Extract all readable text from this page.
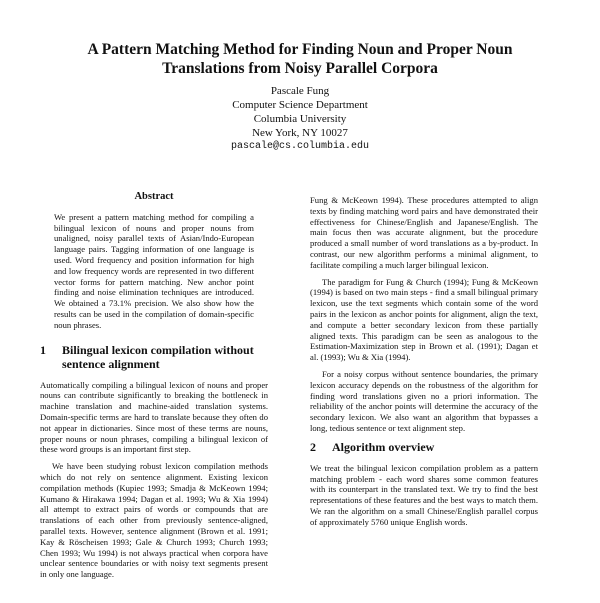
A Pattern Matching Method for Finding Noun and Proper Noun
Translations from Noisy Parallel Corpora
Pascale Fung
Computer Science Department
Columbia University
New York, NY 10027
pascale@cs.columbia.edu
Abstract
We present a pattern matching method for compiling a bilingual lexicon of nouns and proper nouns from unaligned, noisy parallel texts of Asian/Indo-European language pairs. Tagging information of one language is used. Word frequency and position information for high and low frequency words are represented in two different vector forms for pattern matching. New anchor point finding and noise elimination techniques are introduced. We obtained a 73.1% precision. We also show how the results can be used in the compilation of domain-specific noun phrases.
1	Bilingual lexicon compilation without sentence alignment

Automatically compiling a bilingual lexicon of nouns and proper nouns can contribute significantly to breaking the bottleneck in machine translation and machine-aided translation systems. Domain-specific terms are hard to translate because they often do not appear in dictionaries. Since most of these terms are nouns, proper nouns or noun phrases, compiling a bilingual lexicon of these word groups is an important first step.

We have been studying robust lexicon compilation methods which do not rely on sentence alignment. Existing lexicon compilation methods (Kupiec 1993; Smadja & McKeown 1994; Kumano & Hirakawa 1994; Dagan et al. 1993; Wu & Xia 1994) all attempt to extract pairs of words or compounds that are translations of each other from previously sentence-aligned, parallel texts. However, sentence alignment (Brown et al. 1991; Kay & Röscheisen 1993; Gale & Church 1993; Church 1993; Chen 1993; Wu 1994) is not always practical when corpora have unclear sentence boundaries or with noisy text segments present in only one language.

Fung & McKeown 1994). These procedures attempted to align texts by finding matching word pairs and have demonstrated their effectiveness for Chinese/English and Japanese/English. The main focus then was accurate alignment, but the procedure produced a small number of word translations as a by-product. In contrast, our new algorithm performs a minimal alignment, to facilitate compiling a much larger bilingual lexicon.

The paradigm for Fung & Church (1994); Fung & McKeown (1994) is based on two main steps - find a small bilingual primary lexicon, use the text segments which contain some of the word pairs in the lexicon as anchor points for alignment, align the text, and compute a better secondary lexicon from these partially aligned texts. This paradigm can be seen as analogous to the Estimation-Maximization step in Brown et al. (1991); Dagan et al. (1993); Wu & Xia (1994).

For a noisy corpus without sentence boundaries, the primary lexicon accuracy depends on the robustness of the algorithm for finding word translations given no a priori information. The reliability of the anchor points will determine the accuracy of the secondary lexicon. We also want an algorithm that bypasses a long, tedious sentence or text alignment step.

2	Algorithm overview

We treat the bilingual lexicon compilation problem as a pattern matching problem - each word shares some common features with its counterpart in the translated text. We try to find the best representations of these features and the best ways to match them. We ran the algorithm on a small Chinese/English parallel corpus of approximately 5760 unique English words.
